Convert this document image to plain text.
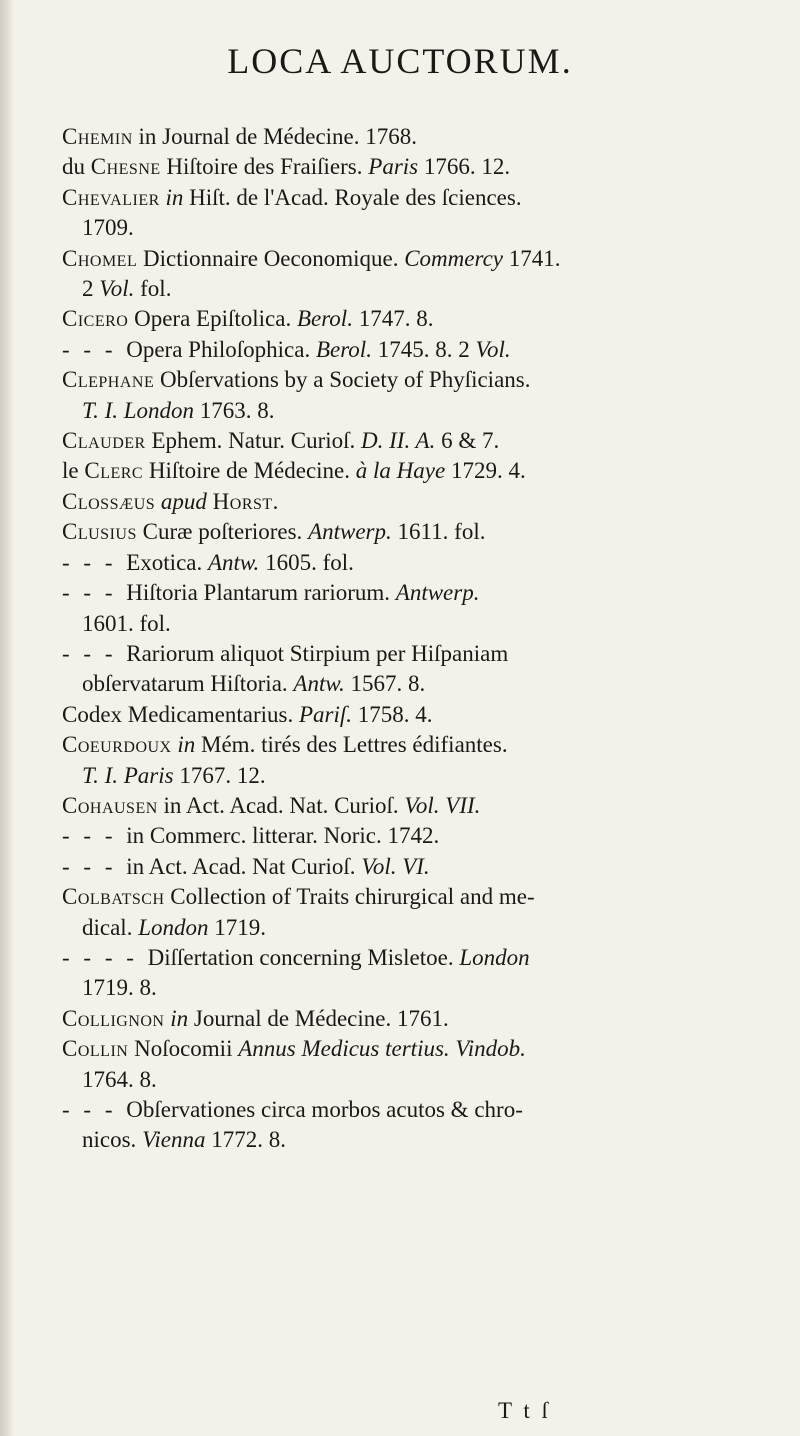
LOCA AUCTORUM.
Chemin in Journal de Médecine. 1768.
du Chesne Hiſtoire des Fraiſiers. Paris 1766. 12.
Chevalier in Hiſt. de l'Acad. Royale des ſciences.
1709.
Chomel Dictionnaire Oeconomique. Commercy 1741.
2 Vol. fol.
Cicero Opera Epiſtolica. Berol. 1747. 8.
- - - Opera Philoſophica. Berol. 1745. 8. 2 Vol.
Clephane Obſervations by a Society of Phyſicians.
T. I. London 1763. 8.
Clauder Ephem. Natur. Curioſ. D. II. A. 6 & 7.
le Clerc Hiſtoire de Médecine. à la Haye 1729. 4.
Clossæus apud Horst.
Clusius Curæ poſteriores. Antwerp. 1611. fol.
- - - Exotica. Antw. 1605. fol.
- - - Hiſtoria Plantarum rariorum. Antwerp.
1601. fol.
- - - Rariorum aliquot Stirpium per Hiſpaniam
obſervatarum Hiſtoria. Antw. 1567. 8.
Codex Medicamentarius. Pariſ. 1758. 4.
Coeurdoux in Mém. tirés des Lettres édifiantes.
T. I. Paris 1767. 12.
Cohausen in Act. Acad. Nat. Curioſ. Vol. VII.
- - - in Commerc. litterar. Noric. 1742.
- - - in Act. Acad. Nat Curioſ. Vol. VI.
Colbatsch Collection of Traits chirurgical and me-
dical. London 1719.
- - - - Diſſertation concerning Misletoe. London
1719. 8.
Collignon in Journal de Médecine. 1761.
Collin Noſocomii Annus Medicus tertius. Vindob.
1764. 8.
- - - Obſervationes circa morbos acutos & chro-
nicos. Vienna 1772. 8.
T t ſ
